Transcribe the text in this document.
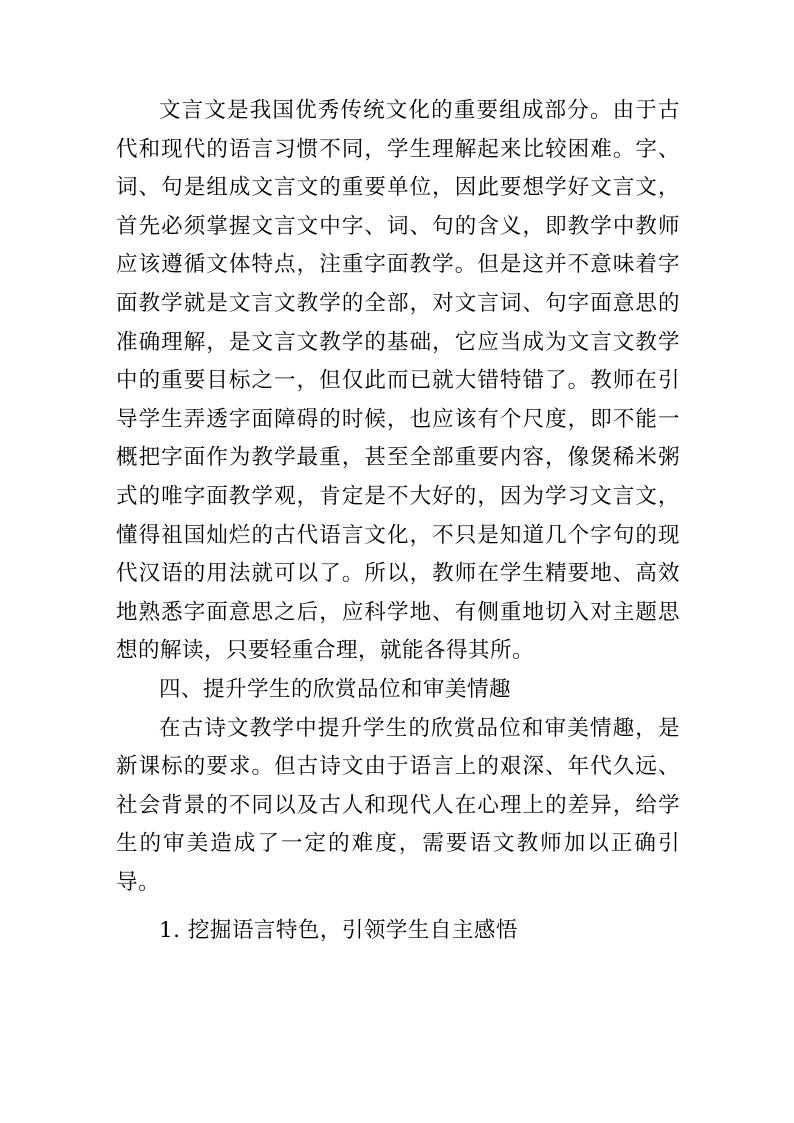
文言文是我国优秀传统文化的重要组成部分。由于古代和现代的语言习惯不同，学生理解起来比较困难。字、词、句是组成文言文的重要单位，因此要想学好文言文，首先必须掌握文言文中字、词、句的含义，即教学中教师应该遵循文体特点，注重字面教学。但是这并不意味着字面教学就是文言文教学的全部，对文言词、句字面意思的准确理解，是文言文教学的基础，它应当成为文言文教学中的重要目标之一，但仅此而已就大错特错了。教师在引导学生弄透字面障碍的时候，也应该有个尺度，即不能一概把字面作为教学最重，甚至全部重要内容，像煲稀米粥式的唯字面教学观，肯定是不大好的，因为学习文言文，懂得祖国灿烂的古代语言文化，不只是知道几个字句的现代汉语的用法就可以了。所以，教师在学生精要地、高效地熟悉字面意思之后，应科学地、有侧重地切入对主题思想的解读，只要轻重合理，就能各得其所。

四、提升学生的欣赏品位和审美情趣

在古诗文教学中提升学生的欣赏品位和审美情趣，是新课标的要求。但古诗文由于语言上的艰深、年代久远、社会背景的不同以及古人和现代人在心理上的差异，给学生的审美造成了一定的难度，需要语文教师加以正确引导。

1. 挖掘语言特色，引领学生自主感悟
